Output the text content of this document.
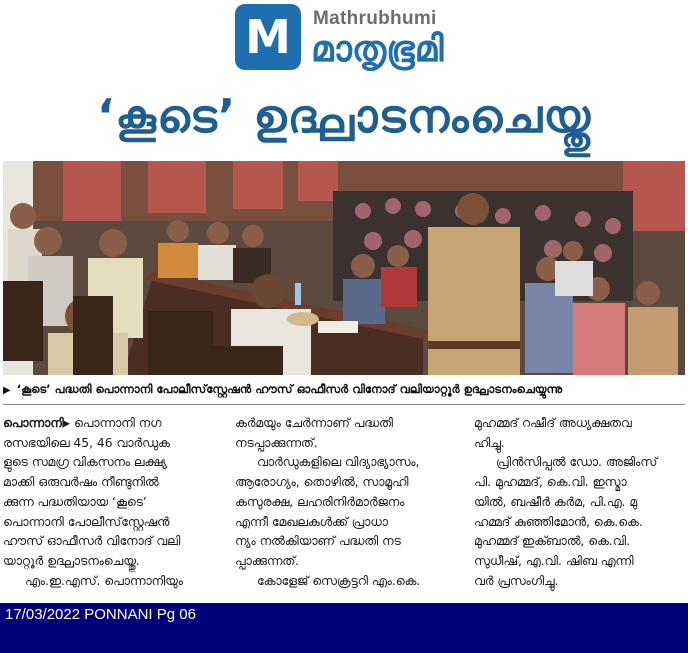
M Mathrubhumi
മാതൃഭൂമി
‘കൂടെ’ ഉദ്ഘാടനംചെയ്തു
▶ ‘കൂടെ’ പദ്ധതി പൊന്നാനി പോലീസ്‌സ്റ്റേഷൻ ഹൗസ് ഓഫീസർ വിനോദ് വലിയാറ്റൂർ ഉദ്ഘാടനംചെയ്യുന്നു

പൊന്നാനി▸ പൊന്നാനി നഗ

രസഭയിലെ 45, 46 വാർഡുക

ളുടെ സമഗ്ര വികസനം ലക്ഷ്യ

മാക്കി ഒരുവർഷം നീണ്ടുനിൽ

ക്കുന്ന പദ്ധതിയായ ‘കൂടെ’

പൊന്നാനി പോലീസ്‌സ്റ്റേഷൻ

ഹൗസ് ഓഫീസർ വിനോദ് വലി

യാറ്റൂർ ഉദ്ഘാടനംചെയ്തു.

എം.ഇ.എസ്. പൊന്നാനിയും

കർമയും ചേർന്നാണ് പദ്ധതി

നടപ്പാക്കുന്നത്.

വാർഡുകളിലെ വിദ്യാഭ്യാസം,

ആരോഗ്യം, തൊഴിൽ, സാമൂഹി

കസുരക്ഷ, ലഹരിനിർമാർജനം

എന്നീ മേഖലകൾക്ക് പ്രാധാ

ന്യം നൽകിയാണ് പദ്ധതി നട

പ്പാക്കുന്നത്.

കോളേജ് സെക്രട്ടറി എം.കെ.

മുഹമ്മദ് റഷീദ് അധ്യക്ഷതവ

ഹിച്ചു.

പ്രിൻസിപ്പൽ ഡോ. അജിംസ്

പി. മുഹമ്മദ്, കെ.വി. ഇസ്മാ

യിൽ, ബഷീർ കർമ, പി.എ. മു

ഹമ്മദ് കുഞ്ഞിമോൻ, കെ.കെ.

മുഹമ്മദ് ഇക്ബാൽ, കെ.വി.

സുധീഷ്, എ.വി. ഷിബ എന്നി

വർ പ്രസംഗിച്ചു.

17/03/2022 PONNANI Pg 06
